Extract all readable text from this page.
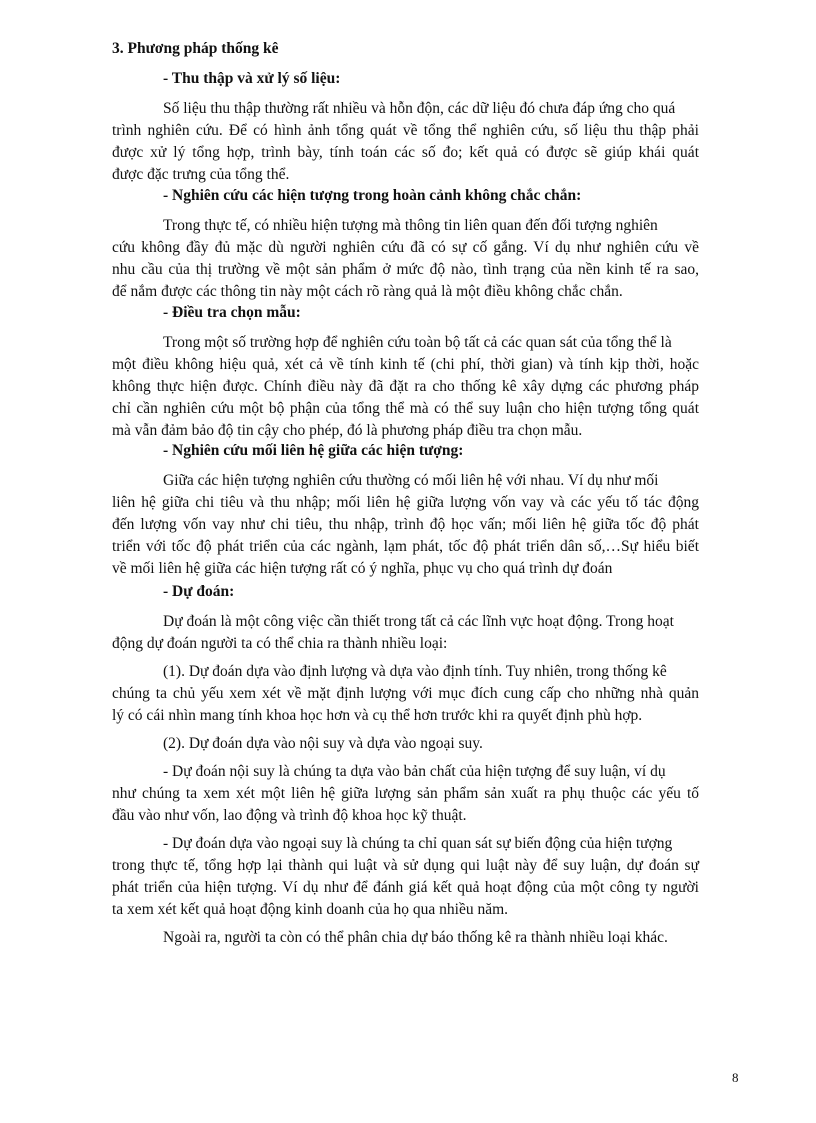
3. Phương pháp thống kê
- Thu thập và xử lý số liệu:
Số liệu thu thập thường rất nhiều và hỗn độn, các dữ liệu đó chưa đáp ứng cho quá
trình nghiên cứu. Để có hình ảnh tổng quát về tổng thể nghiên cứu, số liệu thu thập phải
được xử lý tổng hợp, trình bày, tính toán các số đo; kết quả có được sẽ giúp khái quát
được đặc trưng của tổng thể.
- Nghiên cứu các hiện tượng trong hoàn cảnh không chắc chắn:
Trong thực tế, có nhiều hiện tượng mà thông tin liên quan đến đối tượng nghiên
cứu không đầy đủ mặc dù người nghiên cứu đã có sự cố gắng. Ví dụ như nghiên cứu về
nhu cầu của thị trường về một sản phẩm ở mức độ nào, tình trạng của nền kinh tế ra sao,
để nắm được các thông tin này một cách rõ ràng quả là một điều không chắc chắn.
- Điều tra chọn mẫu:
Trong một số trường hợp để nghiên cứu toàn bộ tất cả các quan sát của tổng thể là
một điều không hiệu quả, xét cả về tính kinh tế (chi phí, thời gian) và tính kịp thời, hoặc
không thực hiện được. Chính điều này đã đặt ra cho thống kê xây dựng các phương pháp
chỉ cần nghiên cứu một bộ phận của tổng thể mà có thể suy luận cho hiện tượng tổng quát
mà vẫn đảm bảo độ tin cậy cho phép, đó là phương pháp điều tra chọn mẫu.
- Nghiên cứu mối liên hệ giữa các hiện tượng:
Giữa các hiện tượng nghiên cứu thường có mối liên hệ với nhau. Ví dụ như mối
liên hệ giữa chi tiêu và thu nhập; mối liên hệ giữa lượng vốn vay và các yếu tố tác động
đến lượng vốn vay như chi tiêu, thu nhập, trình độ học vấn; mối liên hệ giữa tốc độ phát
triển với tốc độ phát triển của các ngành, lạm phát, tốc độ phát triển dân số,…Sự hiểu biết
về mối liên hệ giữa các hiện tượng rất có ý nghĩa, phục vụ cho quá trình dự đoán
- Dự đoán:
Dự đoán là một công việc cần thiết trong tất cả các lĩnh vực hoạt động. Trong hoạt
động dự đoán người ta có thể chia ra thành nhiều loại:
(1). Dự đoán dựa vào định lượng và dựa vào định tính. Tuy nhiên, trong thống kê
chúng ta chủ yếu xem xét về mặt định lượng với mục đích cung cấp cho những nhà quản
lý có cái nhìn mang tính khoa học hơn và cụ thể hơn trước khi ra quyết định phù hợp.
(2). Dự đoán dựa vào nội suy và dựa vào ngoại suy.
- Dự đoán nội suy là chúng ta dựa vào bản chất của hiện tượng để suy luận, ví dụ
như chúng ta xem xét một liên hệ giữa lượng sản phẩm sản xuất ra phụ thuộc các yếu tố
đầu vào như vốn, lao động và trình độ khoa học kỹ thuật.
- Dự đoán dựa vào ngoại suy là chúng ta chỉ quan sát sự biến động của hiện tượng
trong thực tế, tổng hợp lại thành qui luật và sử dụng qui luật này để suy luận, dự đoán sự
phát triển của hiện tượng. Ví dụ như để đánh giá kết quả hoạt động của một công ty người
ta xem xét kết quả hoạt động kinh doanh của họ qua nhiều năm.
Ngoài ra, người ta còn có thể phân chia dự báo thống kê ra thành nhiều loại khác.
8
